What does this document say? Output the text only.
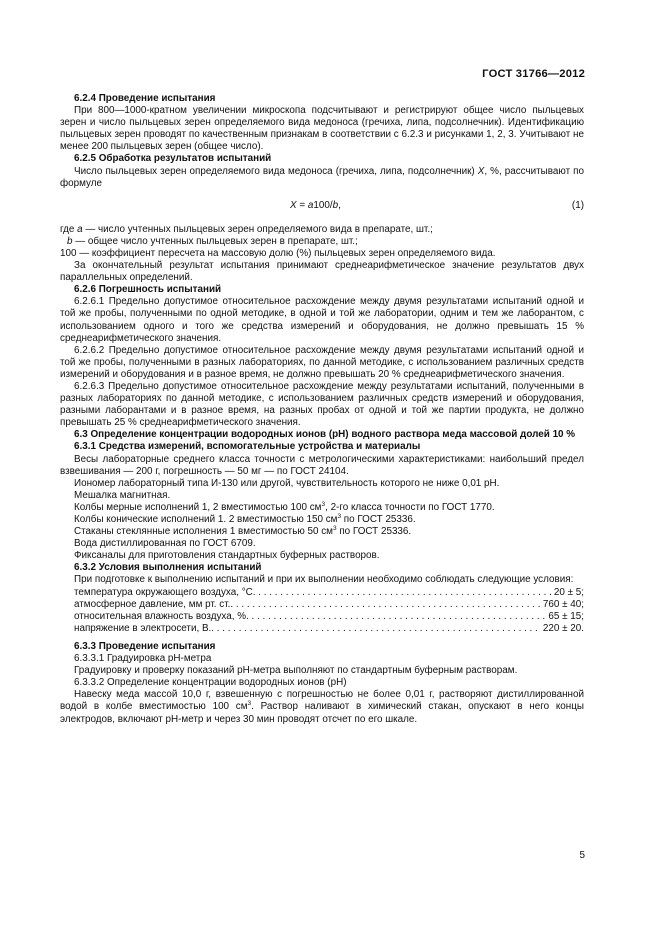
ГОСТ 31766—2012

6.2.4 Проведение испытания

При 800—1000-кратном увеличении микроскопа подсчитывают и регистрируют общее число пыльцевых зерен и число пыльцевых зерен определяемого вида медоноса (гречиха, липа, подсолнечник). Идентификацию пыльцевых зерен проводят по качественным признакам в соответствии с 6.2.3 и рисунками 1, 2, 3. Учитывают не менее 200 пыльцевых зерен (общее число).

6.2.5 Обработка результатов испытаний

Число пыльцевых зерен определяемого вида медоноса (гречиха, липа, подсолнечник) X, %, рассчитывают по формуле

X = a100/b,	(1)

где a — число учтенных пыльцевых зерен определяемого вида в препарате, шт.;

b — общее число учтенных пыльцевых зерен в препарате, шт.;

100 — коэффициент пересчета на массовую долю (%) пыльцевых зерен определяемого вида.

За окончательный результат испытания принимают среднеарифметическое значение результатов двух параллельных определений.

6.2.6 Погрешность испытаний

6.2.6.1 Предельно допустимое относительное расхождение между двумя результатами испытаний одной и той же пробы, полученными по одной методике, в одной и той же лаборатории, одним и тем же лаборантом, с использованием одного и того же средства измерений и оборудования, не должно превышать 15 % среднеарифметического значения.

6.2.6.2 Предельно допустимое относительное расхождение между двумя результатами испытаний одной и той же пробы, полученными в разных лабораториях, по данной методике, с использованием различных средств измерений и оборудования и в разное время, не должно превышать 20 % среднеарифметического значения.

6.2.6.3 Предельно допустимое относительное расхождение между результатами испытаний, полученными в разных лабораториях по данной методике, с использованием различных средств измерений и оборудования, разными лаборантами и в разное время, на разных пробах от одной и той же партии продукта, не должно превышать 25 % среднеарифметического значения.

6.3 Определение концентрации водородных ионов (рН) водного раствора меда массовой долей 10 %

6.3.1 Средства измерений, вспомогательные устройства и материалы

Весы лабораторные среднего класса точности с метрологическими характеристиками: наибольший предел взвешивания — 200 г, погрешность — 50 мг — по ГОСТ 24104.

Иономер лабораторный типа И-130 или другой, чувствительность которого не ниже 0,01 рН.

Мешалка магнитная.

Колбы мерные исполнений 1, 2 вместимостью 100 $см^3$, 2-го класса точности по ГОСТ 1770.

Колбы конические исполнений 1. 2 вместимостью 150 $см^3$ по ГОСТ 25336.

Стаканы стеклянные исполнения 1 вместимостью 50 $см^3$ по ГОСТ 25336.

Вода дистиллированная по ГОСТ 6709.

Фиксаналы для приготовления стандартных буферных растворов.

6.3.2 Условия выполнения испытаний

При подготовке к выполнению испытаний и при их выполнении необходимо соблюдать следующие условия:

температура окружающего воздуха, °С . . .	20 ± 5;
атмосферное давление, мм рт. ст. . . .	760 ± 40;
относительная влажность воздуха, % . . .	65 ± 15;
напряжение в электросети, В. . . .	220 ± 20.

6.3.3 Проведение испытания

6.3.3.1 Градуировка рН-метра

Градуировку и проверку показаний рН-метра выполняют по стандартным буферным растворам.

6.3.3.2 Определение концентрации водородных ионов (рН)

Навеску меда массой 10,0 г, взвешенную с погрешностью не более 0,01 г, растворяют дистиллированной водой в колбе вместимостью 100 $см^3$. Раствор наливают в химический стакан, опускают в него концы электродов, включают рН-метр и через 30 мин проводят отсчет по его шкале.

5
